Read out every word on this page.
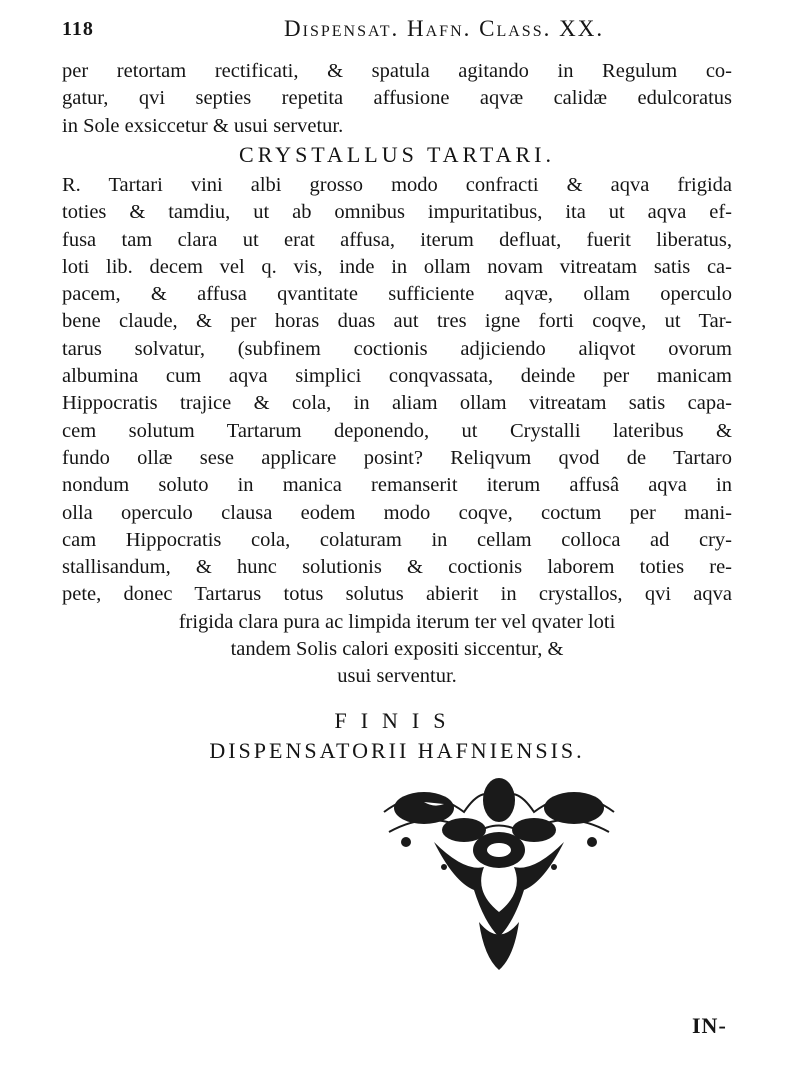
118	Dispensat. Hafn. Class. XX.
per retortam rectificati, & spatula agitando in Regulum co-
gatur, qvi septies repetita affusione aqvæ calidæ edulcoratus
in Sole exsiccetur & usui servetur.
CRYSTALLUS TARTARI.
R. Tartari vini albi grosso modo confracti & aqva frigida
toties & tamdiu, ut ab omnibus impuritatibus, ita ut aqva ef-
fusa tam clara ut erat affusa, iterum defluat, fuerit liberatus,
loti lib. decem vel q. vis, inde in ollam novam vitreatam satis ca-
pacem, & affusa qvantitate sufficiente aqvæ, ollam operculo
bene claude, & per horas duas aut tres igne forti coqve, ut Tar-
tarus solvatur, (subfinem coctionis adjiciendo aliqvot ovorum
albumina cum aqva simplici conqvassata, deinde per manicam
Hippocratis trajice & cola, in aliam ollam vitreatam satis capa-
cem solutum Tartarum deponendo, ut Crystalli lateribus &
fundo ollæ sese applicare posint? Reliqvum qvod de Tartaro
nondum soluto in manica remanserit iterum affusâ aqva in
olla operculo clausa eodem modo coqve, coctum per mani-
cam Hippocratis cola, colaturam in cellam colloca ad cry-
stallisandum, & hunc solutionis & coctionis laborem toties re-
pete, donec Tartarus totus solutus abierit in crystallos, qvi aqva
frigida clara pura ac limpida iterum ter vel qvater loti
tandem Solis calori expositi siccentur, &
usui serventur.
FINIS
DISPENSATORII HAFNIENSIS.
IN-
